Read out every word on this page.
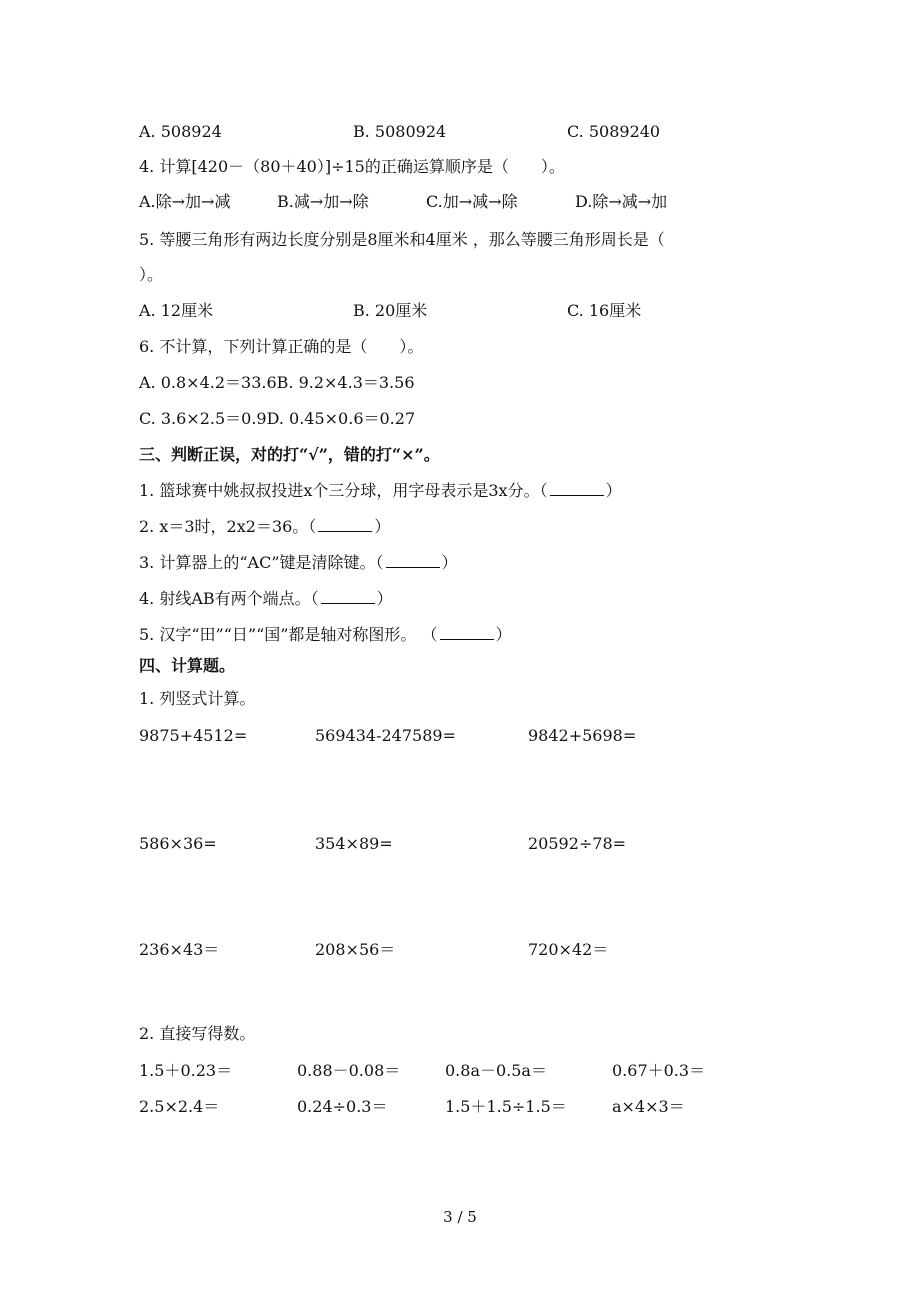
A. 508924	B. 5080924	C. 5089240
4. 计算[420－（80＋40）]÷15的正确运算顺序是（　　）。
A.除→加→减	B.减→加→除	C.加→减→除	D.除→减→加
5. 等腰三角形有两边长度分别是8厘米和4厘米 ，那么等腰三角形周长是（
）。
A. 12厘米	B. 20厘米	C. 16厘米
6. 不计算，下列计算正确的是（　　）。
A. 0.8×4.2＝33.6B. 9.2×4.3＝3.56
C. 3.6×2.5＝0.9D. 0.45×0.6＝0.27
三、判断正误，对的打“√”，错的打“×”。
1. 篮球赛中姚叔叔投进x个三分球，用字母表示是3x分。（	）
2. x＝3时，2x2＝36。（	）
3. 计算器上的“AC”键是清除键。（	）
4. 射线AB有两个端点。（	）
5. 汉字“田”“日”“国”都是轴对称图形。 （	）
四、计算题。
1. 列竖式计算。
9875+4512=	569434-247589=	9842+5698=
586×36=	354×89=	20592÷78=
236×43＝	208×56＝	720×42＝
2. 直接写得数。
1.5＋0.23＝	0.88－0.08＝	0.8a－0.5a＝	0.67＋0.3＝
2.5×2.4＝	0.24÷0.3＝	1.5＋1.5÷1.5＝	a×4×3＝
3 / 5
